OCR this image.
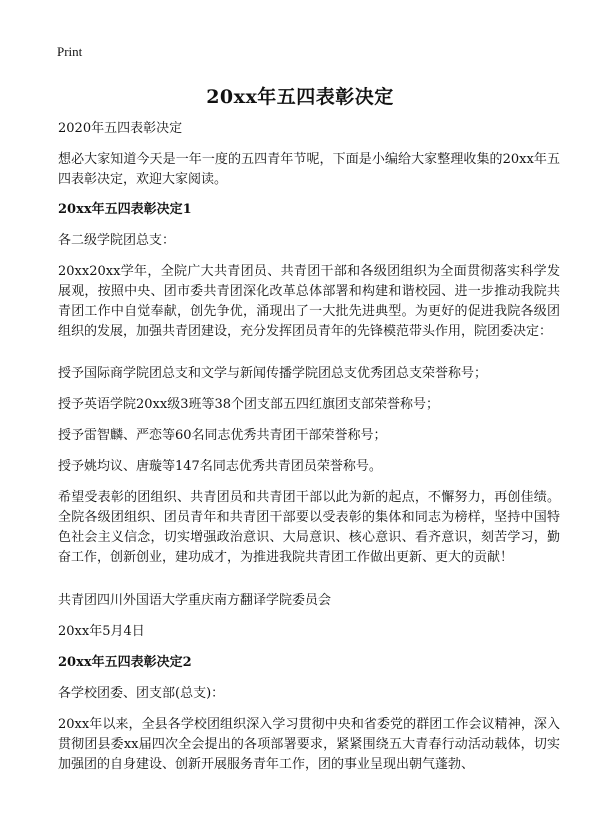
Print
20xx年五四表彰决定

2020年五四表彰决定

想必大家知道今天是一年一度的五四青年节呢，下面是小编给大家整理收集的20xx年五四表彰决定，欢迎大家阅读。

20xx年五四表彰决定1

各二级学院团总支：

20xx20xx学年，全院广大共青团员、共青团干部和各级团组织为全面贯彻落实科学发展观，按照中央、团市委共青团深化改革总体部署和构建和谐校园、进一步推动我院共青团工作中自觉奉献，创先争优，涌现出了一大批先进典型。为更好的促进我院各级团组织的发展，加强共青团建设，充分发挥团员青年的先锋模范带头作用，院团委决定：

授予国际商学院团总支和文学与新闻传播学院团总支优秀团总支荣誉称号；

授予英语学院20xx级3班等38个团支部五四红旗团支部荣誉称号；

授予雷智麟、严恋等60名同志优秀共青团干部荣誉称号；

授予姚均议、唐璇等147名同志优秀共青团员荣誉称号。

希望受表彰的团组织、共青团员和共青团干部以此为新的起点，不懈努力，再创佳绩。全院各级团组织、团员青年和共青团干部要以受表彰的集体和同志为榜样，坚持中国特色社会主义信念，切实增强政治意识、大局意识、核心意识、看齐意识，刻苦学习，勤奋工作，创新创业，建功成才，为推进我院共青团工作做出更新、更大的贡献！

共青团四川外国语大学重庆南方翻译学院委员会

20xx年5月4日

20xx年五四表彰决定2

各学校团委、团支部(总支)：

20xx年以来，全县各学校团组织深入学习贯彻中央和省委党的群团工作会议精神，深入贯彻团县委xx届四次全会提出的各项部署要求，紧紧围绕五大青春行动活动载体，切实加强团的自身建设、创新开展服务青年工作，团的事业呈现出朝气蓬勃、
